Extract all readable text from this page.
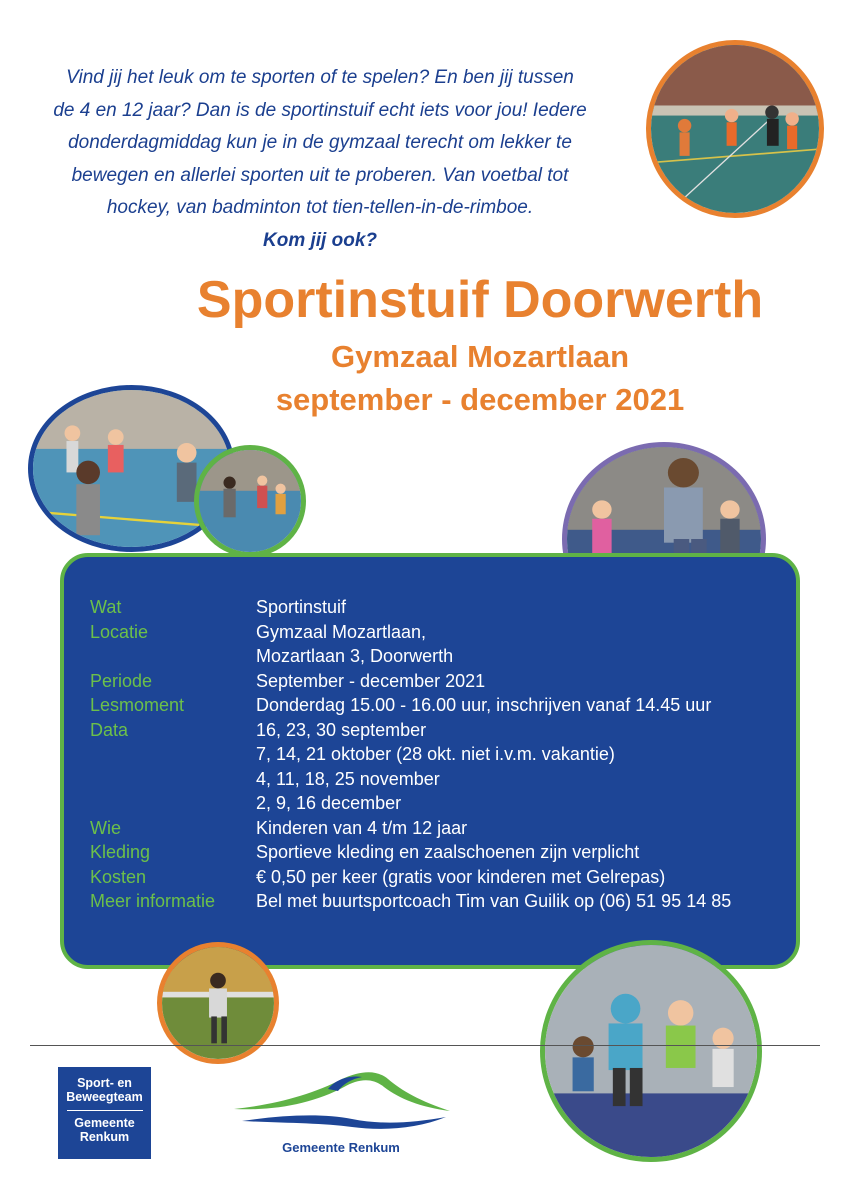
Vind jij het leuk om te sporten of te spelen? En ben jij tussen

de 4 en 12 jaar? Dan is de sportinstuif echt iets voor jou! Iedere

donderdagmiddag kun je in de gymzaal terecht om lekker te

bewegen en allerlei sporten uit te proberen. Van voetbal tot

hockey, van badminton tot tien-tellen-in-de-rimboe.

Kom jij ook?

Sportinstuif Doorwerth
Gymzaal Mozartlaan
september - december 2021
Wat	Sportinstuif
Locatie	Gymzaal Mozartlaan,
Mozartlaan 3, Doorwerth
Periode	September - december 2021
Lesmoment	Donderdag 15.00 - 16.00 uur, inschrijven vanaf 14.45 uur
Data	16, 23, 30 september
7, 14, 21 oktober (28 okt. niet i.v.m. vakantie)
4, 11, 18, 25 november
2, 9, 16 december
Wie	Kinderen van 4 t/m 12 jaar
Kleding	Sportieve kleding en zaalschoenen zijn verplicht
Kosten	€ 0,50 per keer (gratis voor kinderen met Gelrepas)
Meer informatie	Bel met buurtsportcoach Tim van Guilik op (06) 51 95 14 85
Sport- en
Beweegteam
Gemeente
Renkum
Gemeente Renkum
